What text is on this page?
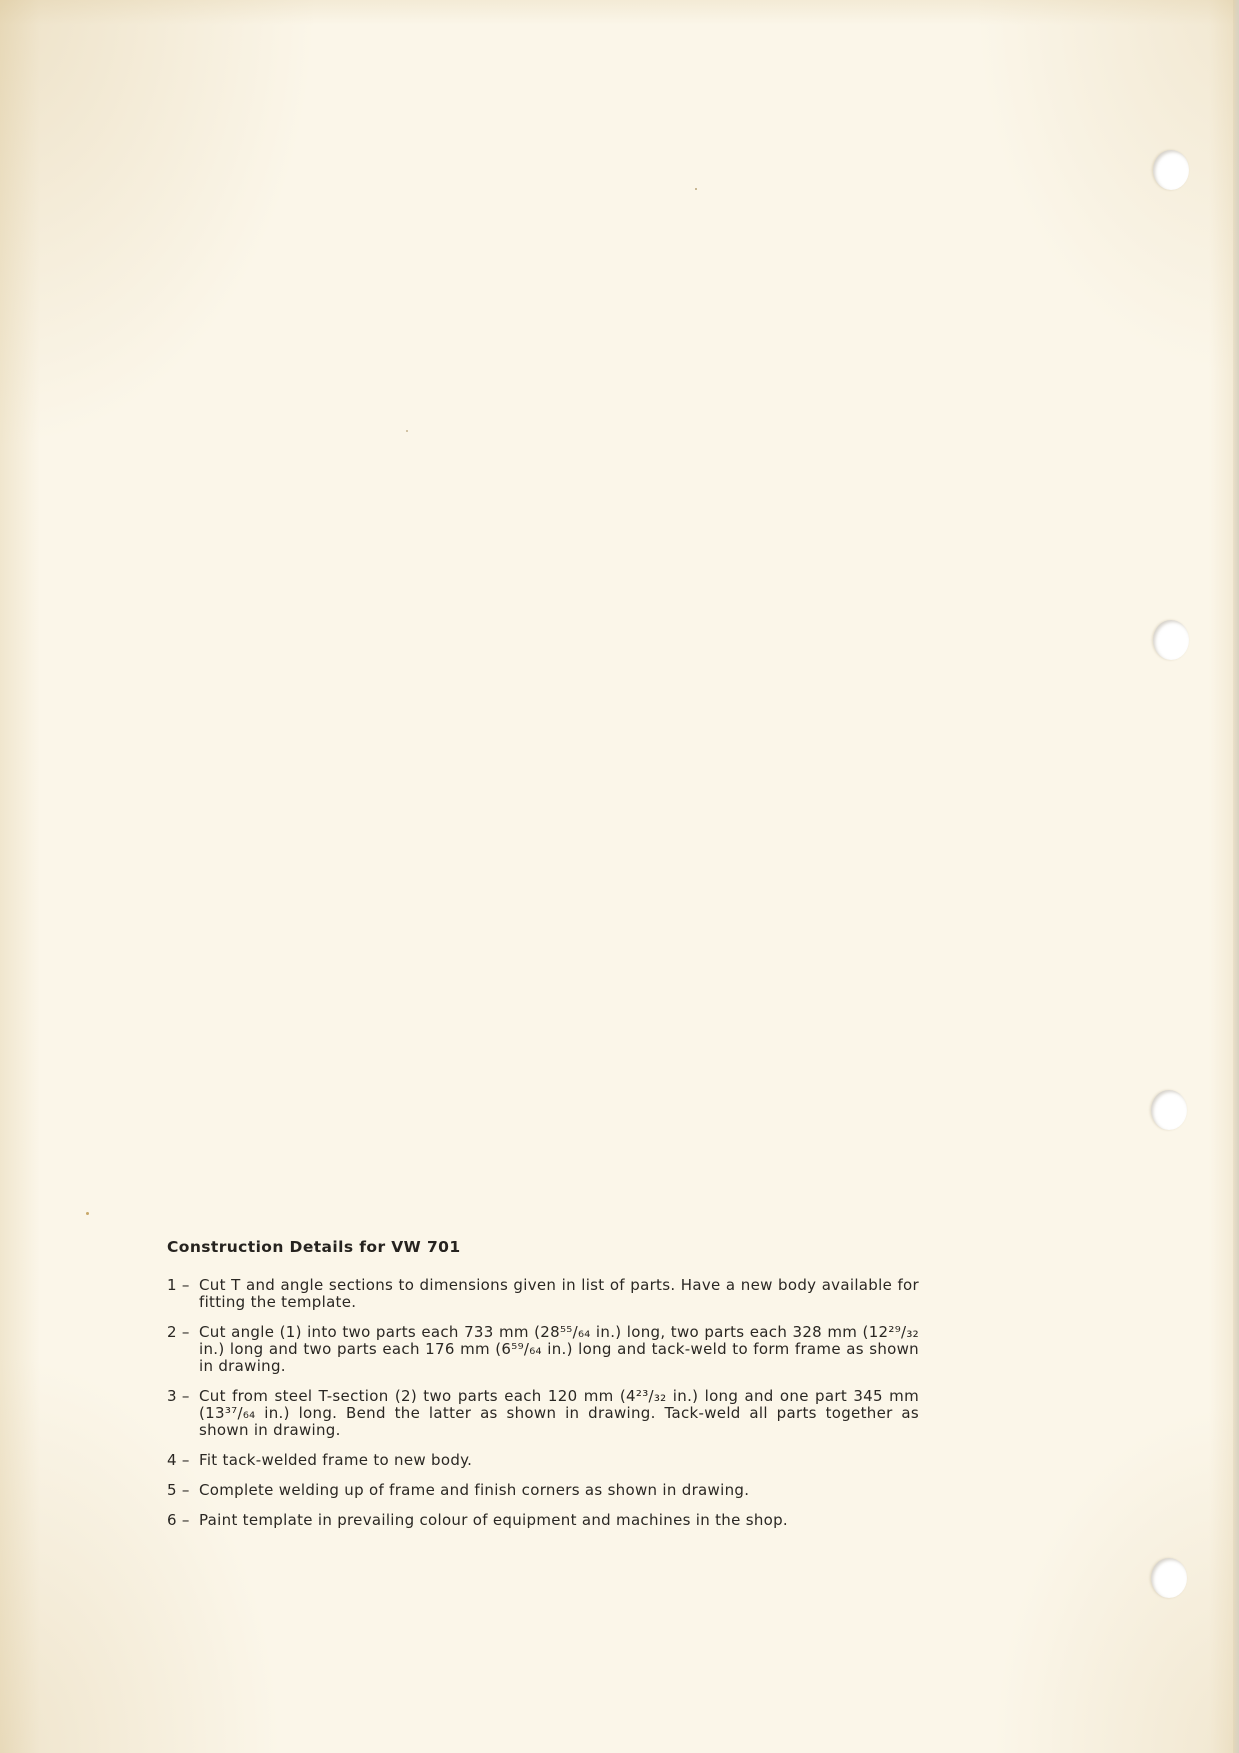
Construction Details for VW 701
1 – Cut T and angle sections to dimensions given in list of parts. Have a new body available for fitting the template.
2 – Cut angle (1) into two parts each 733 mm (28⁵⁵/₆₄ in.) long, two parts each 328 mm (12²⁹/₃₂ in.) long and two parts each 176 mm (6⁵⁹/₆₄ in.) long and tack-weld to form frame as shown in drawing.
3 – Cut from steel T-section (2) two parts each 120 mm (4²³/₃₂ in.) long and one part 345 mm (13³⁷/₆₄ in.) long. Bend the latter as shown in drawing. Tack-weld all parts together as shown in drawing.
4 – Fit tack-welded frame to new body.
5 – Complete welding up of frame and finish corners as shown in drawing.
6 – Paint template in prevailing colour of equipment and machines in the shop.
